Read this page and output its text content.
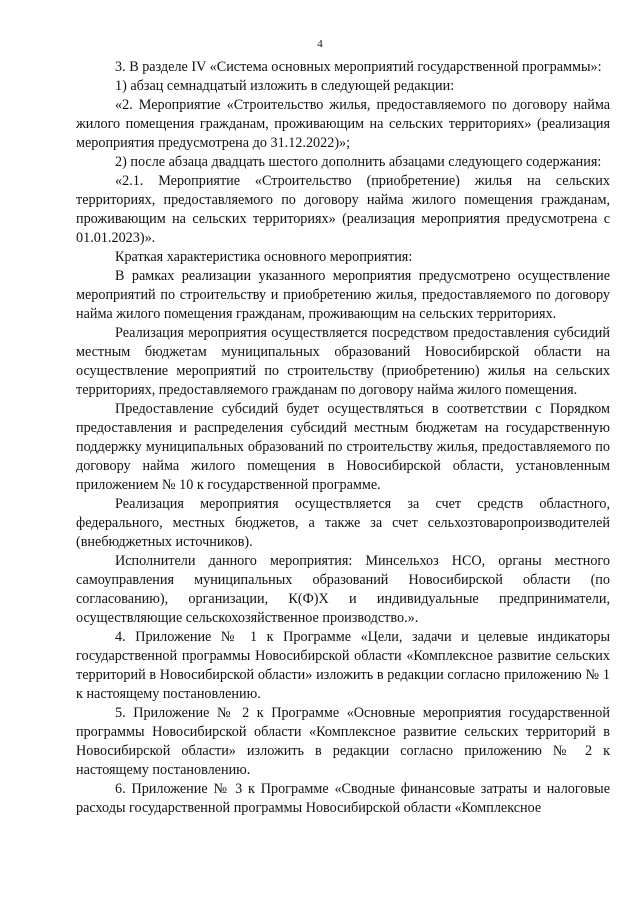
4

3. В разделе IV «Система основных мероприятий государственной программы»:

1) абзац семнадцатый изложить в следующей редакции:

«2. Мероприятие «Строительство жилья, предоставляемого по договору найма жилого помещения гражданам, проживающим на сельских территориях» (реализация мероприятия предусмотрена до 31.12.2022)»;

2) после абзаца двадцать шестого дополнить абзацами следующего содержания:

«2.1. Мероприятие «Строительство (приобретение) жилья на сельских территориях, предоставляемого по договору найма жилого помещения гражданам, проживающим на сельских территориях» (реализация мероприятия предусмотрена с 01.01.2023)».

Краткая характеристика основного мероприятия:

В рамках реализации указанного мероприятия предусмотрено осуществление мероприятий по строительству и приобретению жилья, предоставляемого по договору найма жилого помещения гражданам, проживающим на сельских территориях.

Реализация мероприятия осуществляется посредством предоставления субсидий местным бюджетам муниципальных образований Новосибирской области на осуществление мероприятий по строительству (приобретению) жилья на сельских территориях, предоставляемого гражданам по договору найма жилого помещения.

Предоставление субсидий будет осуществляться в соответствии с Порядком предоставления и распределения субсидий местным бюджетам на государственную поддержку муниципальных образований по строительству жилья, предоставляемого по договору найма жилого помещения в Новосибирской области, установленным приложением № 10 к государственной программе.

Реализация мероприятия осуществляется за счет средств областного, федерального, местных бюджетов, а также за счет сельхозтоваропроизводителей (внебюджетных источников).

Исполнители данного мероприятия: Минсельхоз НСО, органы местного самоуправления муниципальных образований Новосибирской области (по согласованию), организации, К(Ф)Х и индивидуальные предприниматели, осуществляющие сельскохозяйственное производство.».

4. Приложение № 1 к Программе «Цели, задачи и целевые индикаторы государственной программы Новосибирской области «Комплексное развитие сельских территорий в Новосибирской области» изложить в редакции согласно приложению № 1 к настоящему постановлению.

5. Приложение № 2 к Программе «Основные мероприятия государственной программы Новосибирской области «Комплексное развитие сельских территорий в Новосибирской области» изложить в редакции согласно приложению № 2 к настоящему постановлению.

6. Приложение № 3 к Программе «Сводные финансовые затраты и налоговые расходы государственной программы Новосибирской области «Комплексное
